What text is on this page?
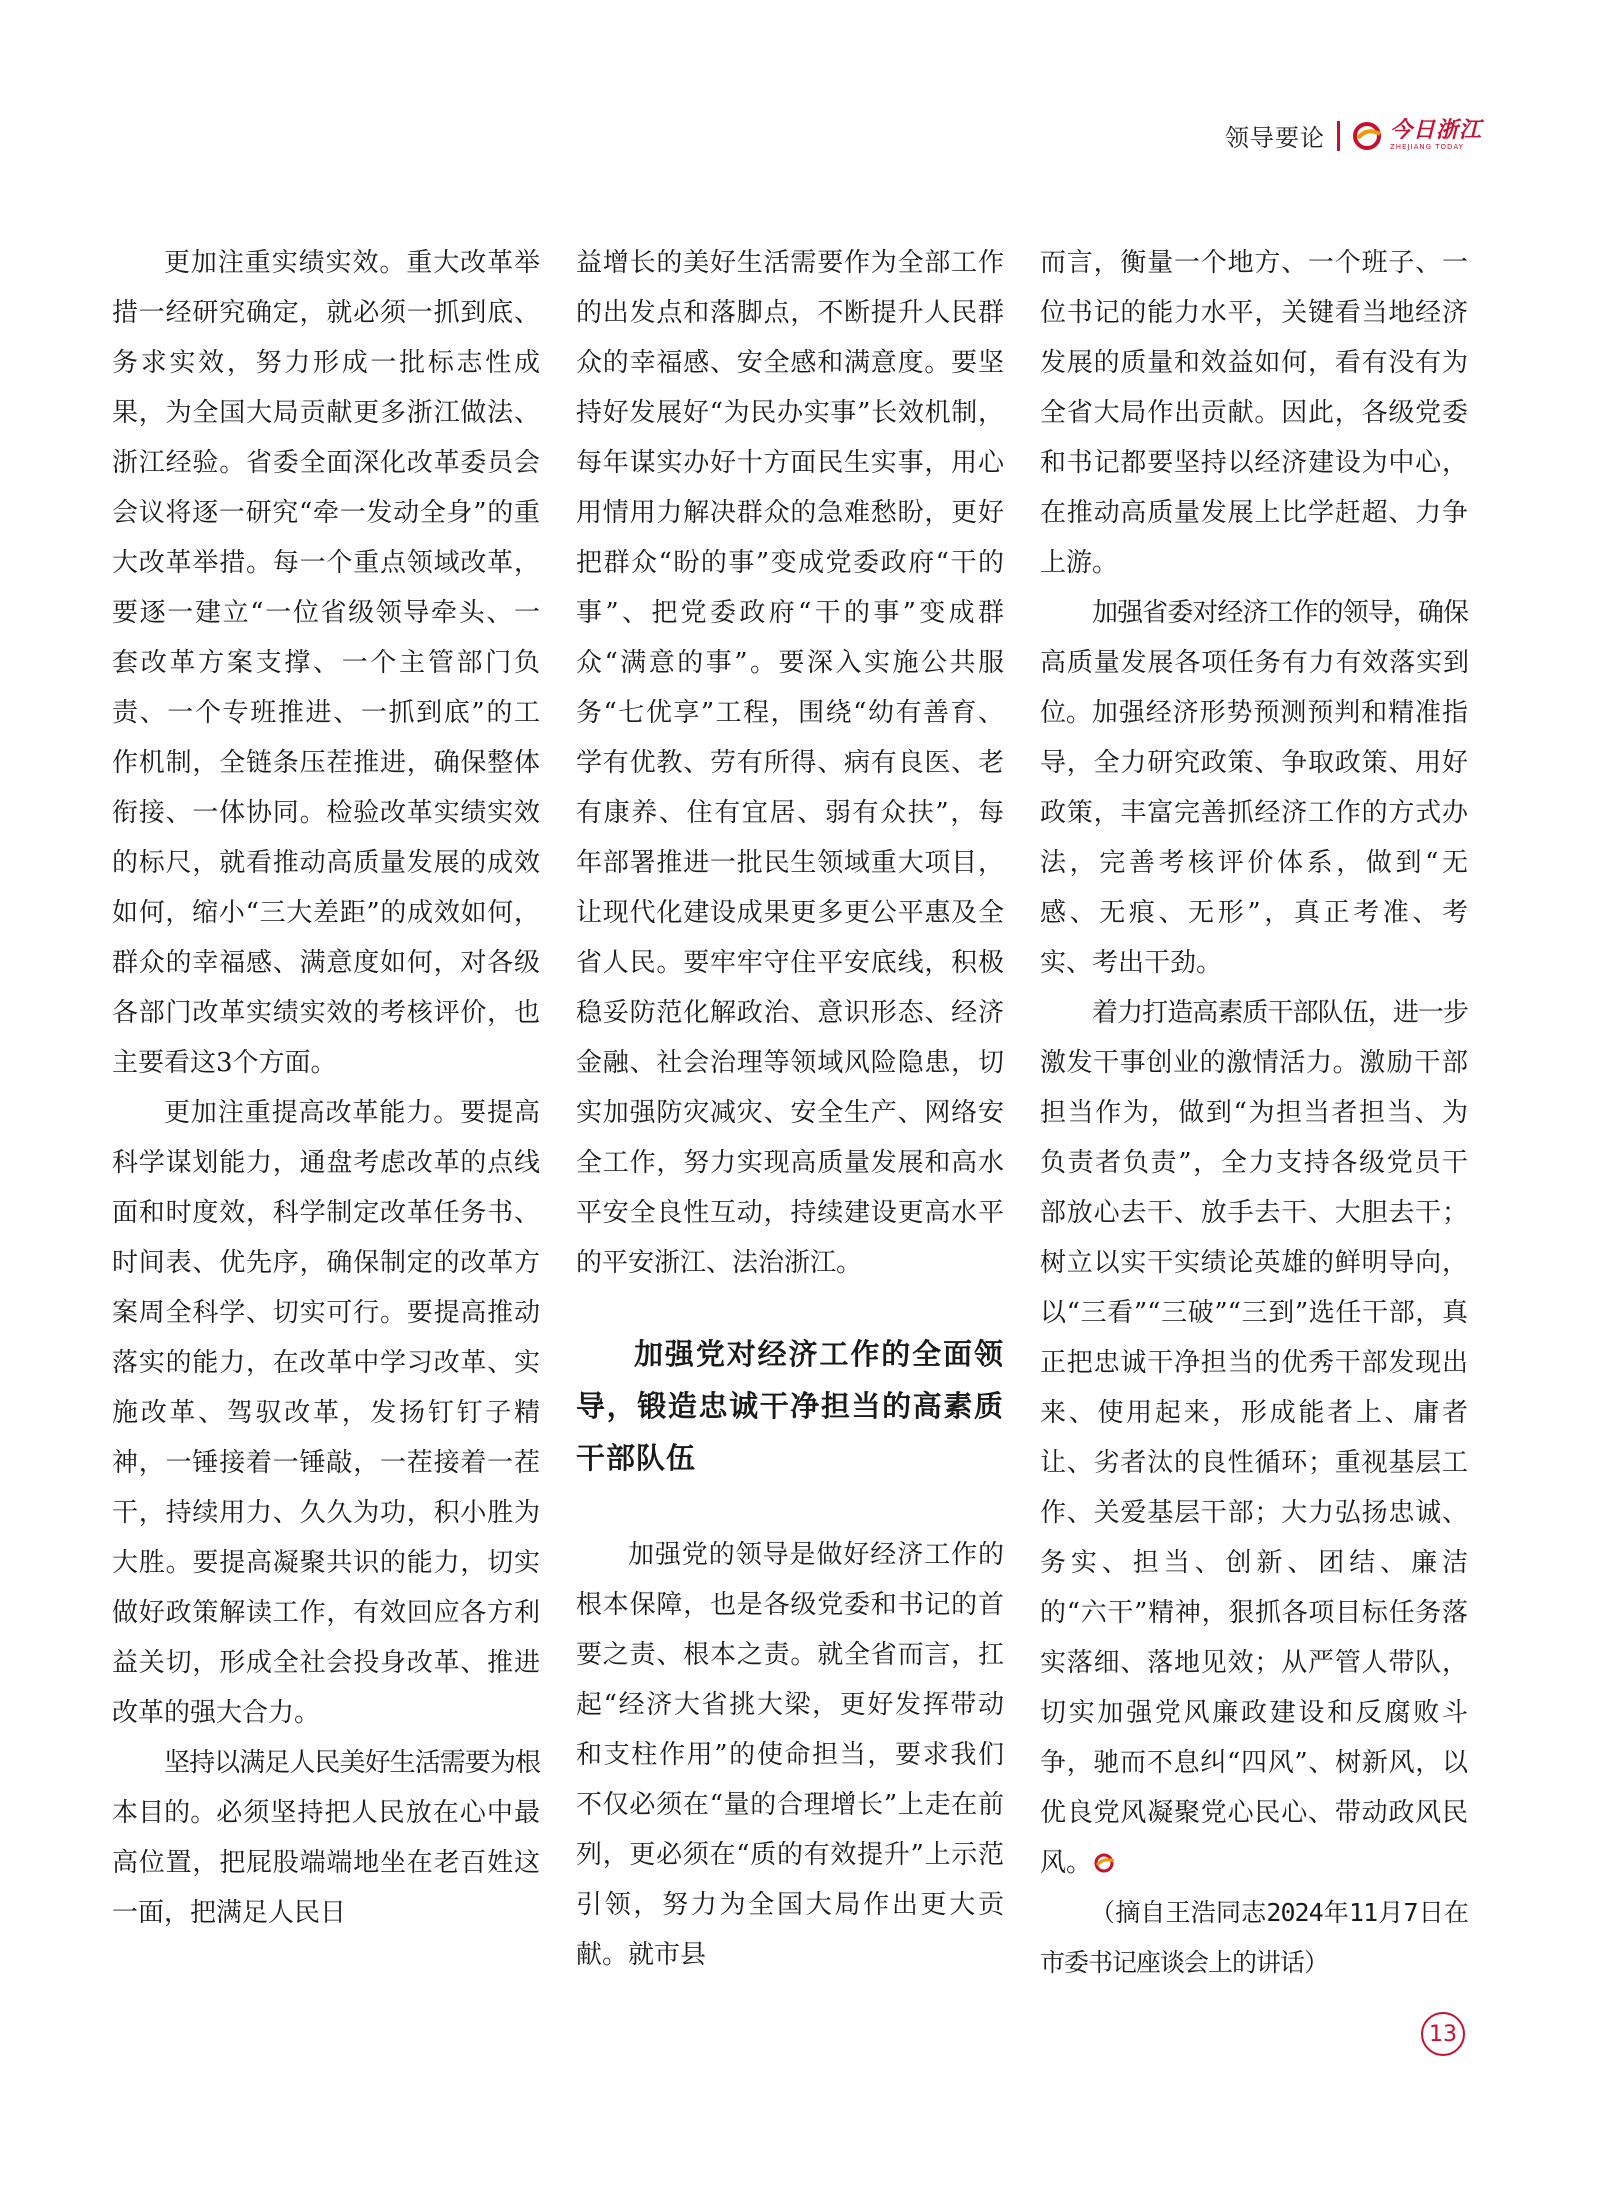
领导要论	今日浙江
ZHEJIANG TODAY

更加注重实绩实效。重大改革举措一经研究确定，就必须一抓到底、务求实效，努力形成一批标志性成果，为全国大局贡献更多浙江做法、浙江经验。省委全面深化改革委员会会议将逐一研究“牵一发动全身”的重大改革举措。每一个重点领域改革，要逐一建立“一位省级领导牵头、一套改革方案支撑、一个主管部门负责、一个专班推进、一抓到底”的工作机制，全链条压茬推进，确保整体衔接、一体协同。检验改革实绩实效的标尺，就看推动高质量发展的成效如何，缩小“三大差距”的成效如何，群众的幸福感、满意度如何，对各级各部门改革实绩实效的考核评价，也主要看这3个方面。

更加注重提高改革能力。要提高科学谋划能力，通盘考虑改革的点线面和时度效，科学制定改革任务书、时间表、优先序，确保制定的改革方案周全科学、切实可行。要提高推动落实的能力，在改革中学习改革、实施改革、驾驭改革，发扬钉钉子精神，一锤接着一锤敲，一茬接着一茬干，持续用力、久久为功，积小胜为大胜。要提高凝聚共识的能力，切实做好政策解读工作，有效回应各方利益关切，形成全社会投身改革、推进改革的强大合力。

坚持以满足人民美好生活需要为根本目的。必须坚持把人民放在心中最高位置，把屁股端端地坐在老百姓这一面，把满足人民日

益增长的美好生活需要作为全部工作的出发点和落脚点，不断提升人民群众的幸福感、安全感和满意度。要坚持好发展好“为民办实事”长效机制，每年谋实办好十方面民生实事，用心用情用力解决群众的急难愁盼，更好把群众“盼的事”变成党委政府“干的事”、把党委政府“干的事”变成群众“满意的事”。要深入实施公共服务“七优享”工程，围绕“幼有善育、学有优教、劳有所得、病有良医、老有康养、住有宜居、弱有众扶”，每年部署推进一批民生领域重大项目，让现代化建设成果更多更公平惠及全省人民。要牢牢守住平安底线，积极稳妥防范化解政治、意识形态、经济金融、社会治理等领域风险隐患，切实加强防灾减灾、安全生产、网络安全工作，努力实现高质量发展和高水平安全良性互动，持续建设更高水平的平安浙江、法治浙江。

加强党对经济工作的全面领导，锻造忠诚干净担当的高素质干部队伍

加强党的领导是做好经济工作的根本保障，也是各级党委和书记的首要之责、根本之责。就全省而言，扛起“经济大省挑大梁，更好发挥带动和支柱作用”的使命担当，要求我们不仅必须在“量的合理增长”上走在前列，更必须在“质的有效提升”上示范引领，努力为全国大局作出更大贡献。就市县

而言，衡量一个地方、一个班子、一位书记的能力水平，关键看当地经济发展的质量和效益如何，看有没有为全省大局作出贡献。因此，各级党委和书记都要坚持以经济建设为中心，在推动高质量发展上比学赶超、力争上游。

加强省委对经济工作的领导，确保高质量发展各项任务有力有效落实到位。加强经济形势预测预判和精准指导，全力研究政策、争取政策、用好政策，丰富完善抓经济工作的方式办法，完善考核评价体系，做到“无感、无痕、无形”，真正考准、考实、考出干劲。

着力打造高素质干部队伍，进一步激发干事创业的激情活力。激励干部担当作为，做到“为担当者担当、为负责者负责”，全力支持各级党员干部放心去干、放手去干、大胆去干；树立以实干实绩论英雄的鲜明导向，以“三看”“三破”“三到”选任干部，真正把忠诚干净担当的优秀干部发现出来、使用起来，形成能者上、庸者让、劣者汰的良性循环；重视基层工作、关爱基层干部；大力弘扬忠诚、务实、担当、创新、团结、廉洁的“六干”精神，狠抓各项目标任务落实落细、落地见效；从严管人带队，切实加强党风廉政建设和反腐败斗争，驰而不息纠“四风”、树新风，以优良党风凝聚党心民心、带动政风民风。

（摘自王浩同志2024年11月7日在市委书记座谈会上的讲话）

13
